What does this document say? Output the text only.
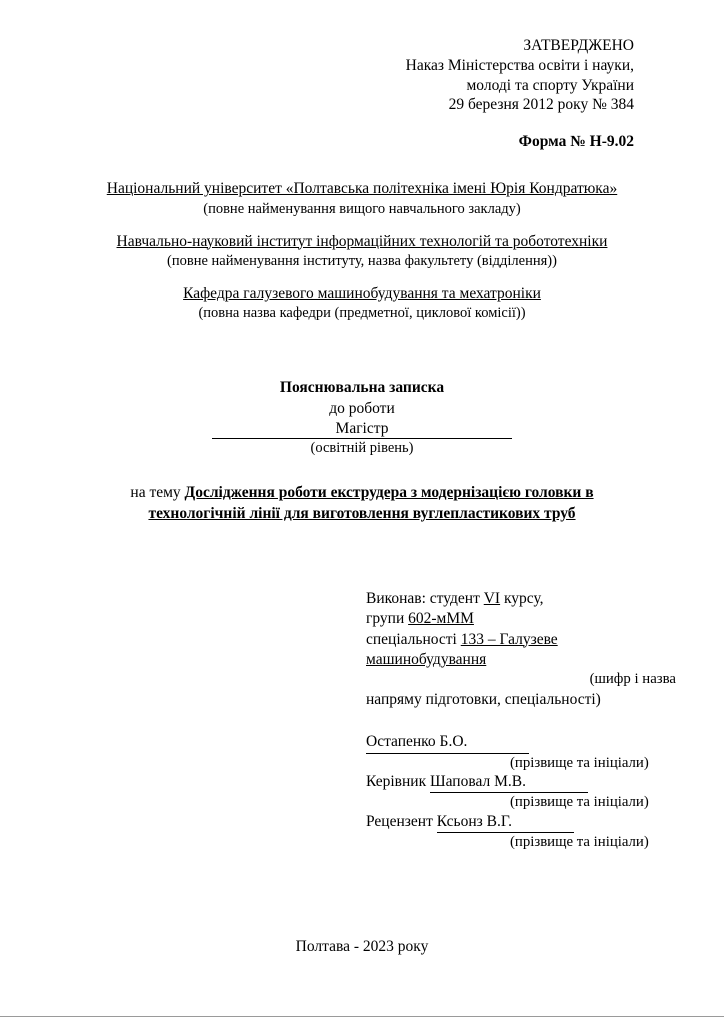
ЗАТВЕРДЖЕНО
Наказ Міністерства освіти і науки,
молоді та спорту України
29 березня 2012 року № 384
Форма № Н-9.02
Національний університет «Полтавська політехніка імені Юрія Кондратюка»
(повне найменування вищого навчального закладу)
Навчально-науковий інститут інформаційних технологій та робототехніки
(повне найменування інституту, назва факультету (відділення))
Кафедра галузевого машинобудування та мехатроніки
(повна назва кафедри (предметної, циклової комісії))
Пояснювальна записка
до роботи
Магістр
(освітній рівень)
на тему Дослідження роботи екструдера з модернізацією головки в
технологічній лінії для виготовлення вуглепластикових труб
Виконав: студент VI курсу,
групи 602-мММ
спеціальності 133 – Галузеве машинобудування
(шифр і назва
напряму підготовки, спеціальності)
Остапенко Б.О.
(прізвище та ініціали)
Керівник Шаповал М.В.
(прізвище та ініціали)
Рецензент Ксьонз В.Г.
(прізвище та ініціали)
Полтава - 2023 року
